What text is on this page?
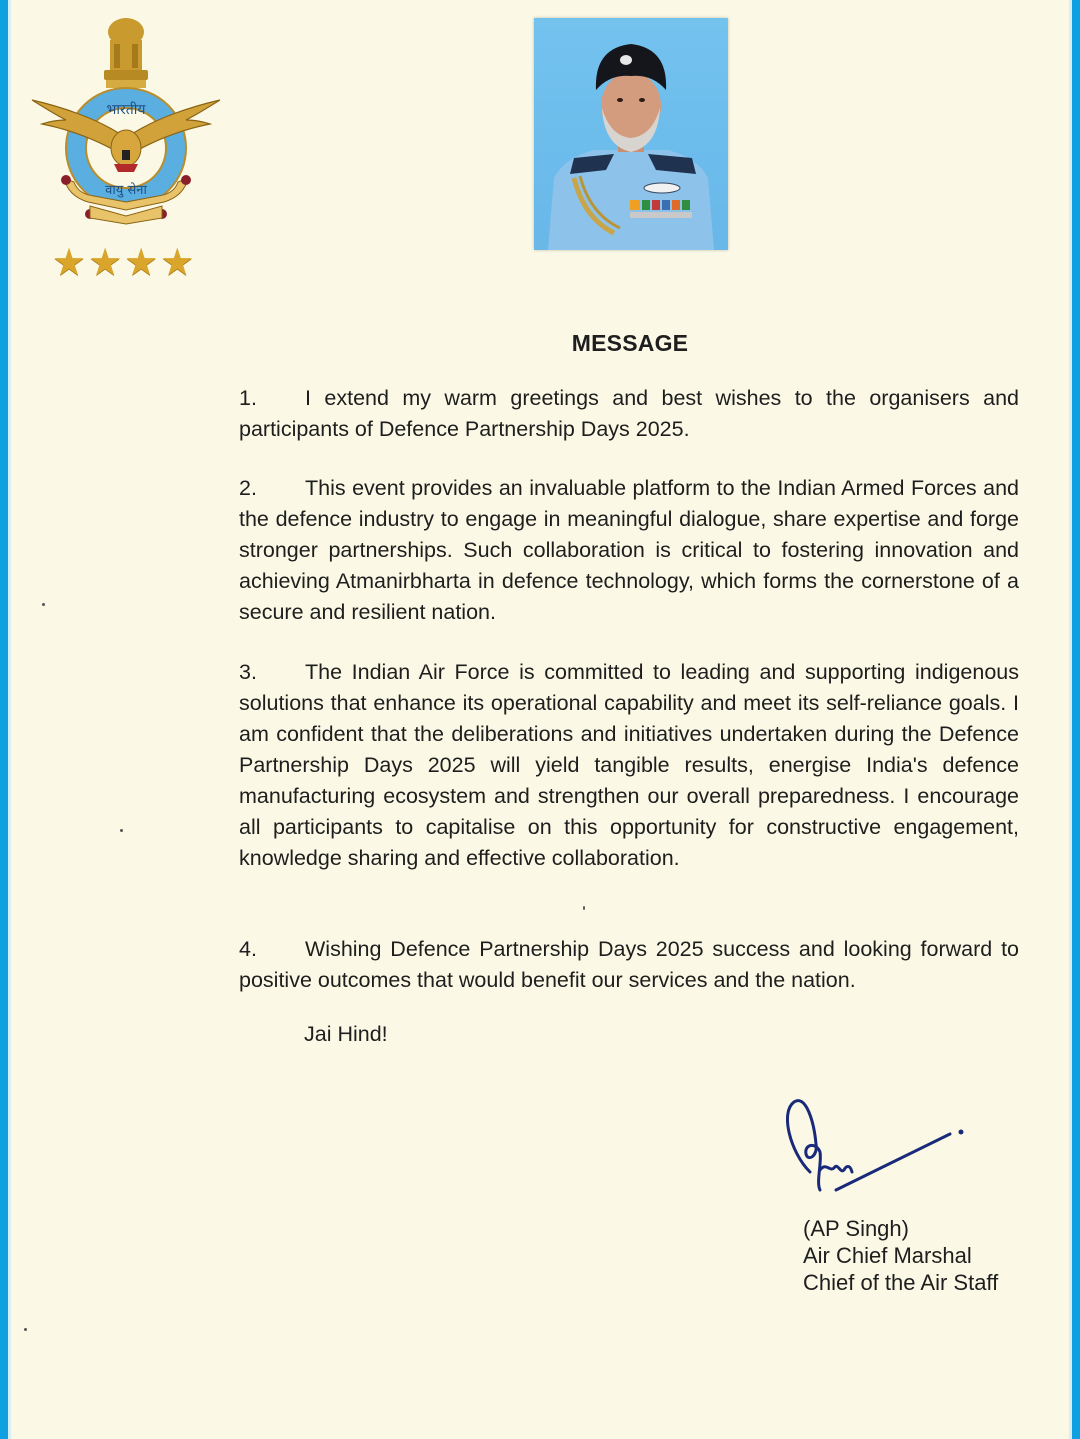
भारतीय
वायु सेना
★ ★ ★ ★
MESSAGE
1. I extend my warm greetings and best wishes to the organisers and participants of Defence Partnership Days 2025.
2. This event provides an invaluable platform to the Indian Armed Forces and the defence industry to engage in meaningful dialogue, share expertise and forge stronger partnerships. Such collaboration is critical to fostering innovation and achieving Atmanirbharta in defence technology, which forms the cornerstone of a secure and resilient nation.
3. The Indian Air Force is committed to leading and supporting indigenous solutions that enhance its operational capability and meet its self-reliance goals. I am confident that the deliberations and initiatives undertaken during the Defence Partnership Days 2025 will yield tangible results, energise India's defence manufacturing ecosystem and strengthen our overall preparedness. I encourage all participants to capitalise on this opportunity for constructive engagement, knowledge sharing and effective collaboration.
4. Wishing Defence Partnership Days 2025 success and looking forward to positive outcomes that would benefit our services and the nation.
Jai Hind!
(AP Singh)
Air Chief Marshal
Chief of the Air Staff
